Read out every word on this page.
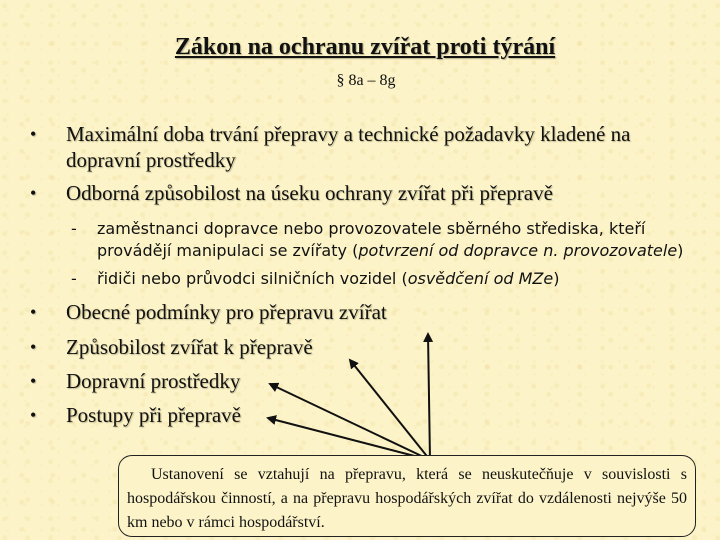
Zákon na ochranu zvířat proti týrání
§ 8a – 8g
• Maximální doba trvání přepravy a technické požadavky kladené na dopravní prostředky
• Odborná způsobilost na úseku ochrany zvířat při přepravě
- zaměstnanci dopravce nebo provozovatele sběrného střediska, kteří provádějí manipulaci se zvířaty (potvrzení od dopravce n. provozovatele)
- řidiči nebo průvodci silničních vozidel (osvědčení od MZe)
• Obecné podmínky pro přepravu zvířat
• Způsobilost zvířat k přepravě
• Dopravní prostředky
• Postupy při přepravě
Ustanovení se vztahují na přepravu, která se neuskutečňuje v souvislosti s hospodářskou činností, a na přepravu hospodářských zvířat do vzdálenosti nejvýše 50 km nebo v rámci hospodářství.
